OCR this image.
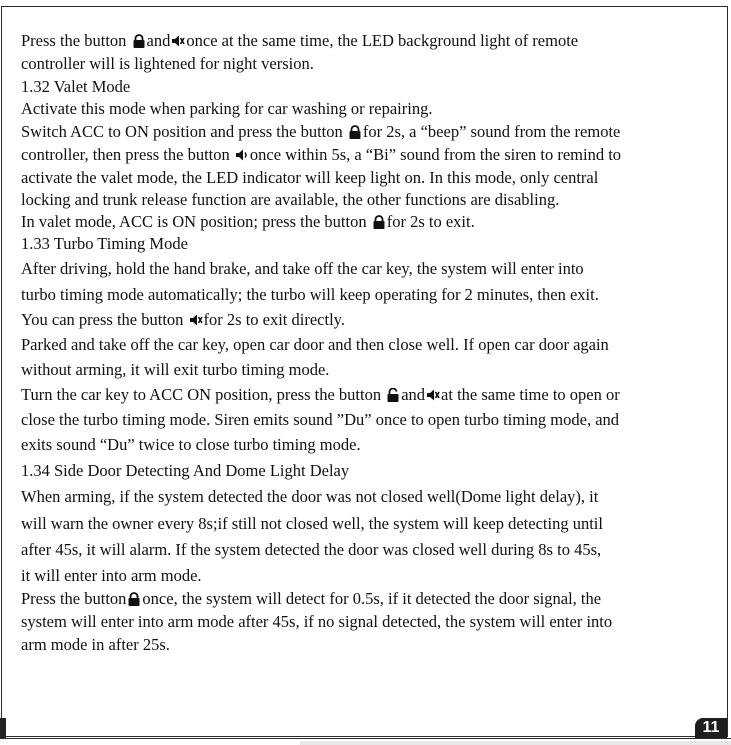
11
Press the button
and once at the same time, the LED background light of remote
controller will is lightened for night version.
1.32 Valet Mode
Activate this mode when parking for car washing or repairing.
Switch ACC to ON position and press the button
for 2s, a “beep” sound from the remote
controller, then press the button
once within 5s, a “Bi” sound from the siren to remind to
activate the valet mode, the LED indicator will keep light on. In this mode, only central
locking and trunk release function are available, the other functions are disabling.
In valet mode, ACC is ON position; press the button
for 2s to exit.
1.33 Turbo Timing Mode
After driving, hold the hand brake, and take off the car key, the system will enter into
turbo timing mode automatically; the turbo will keep operating for 2 minutes, then exit.
You can press the button
for 2s to exit directly.
Parked and take off the car key, open car door and then close well. If open car door again
without arming, it will exit turbo timing mode.
Turn the car key to ACC ON position, press the button
and at the same time to open or
close the turbo timing mode. Siren emits sound ”Du” once to open turbo timing mode, and
exits sound “Du” twice to close turbo timing mode.
1.34 Side Door Detecting And Dome Light Delay
When arming, if the system detected the door was not closed well(Dome light delay), it
will warn the owner every 8s;if still not closed well, the system will keep detecting until
after 45s, it will alarm. If the system detected the door was closed well during 8s to 45s,
it will enter into arm mode.
Press the button once, the system will detect for 0.5s, if it detected the door signal, the
system will enter into arm mode after 45s, if no signal detected, the system will enter into
arm mode in after 25s.
